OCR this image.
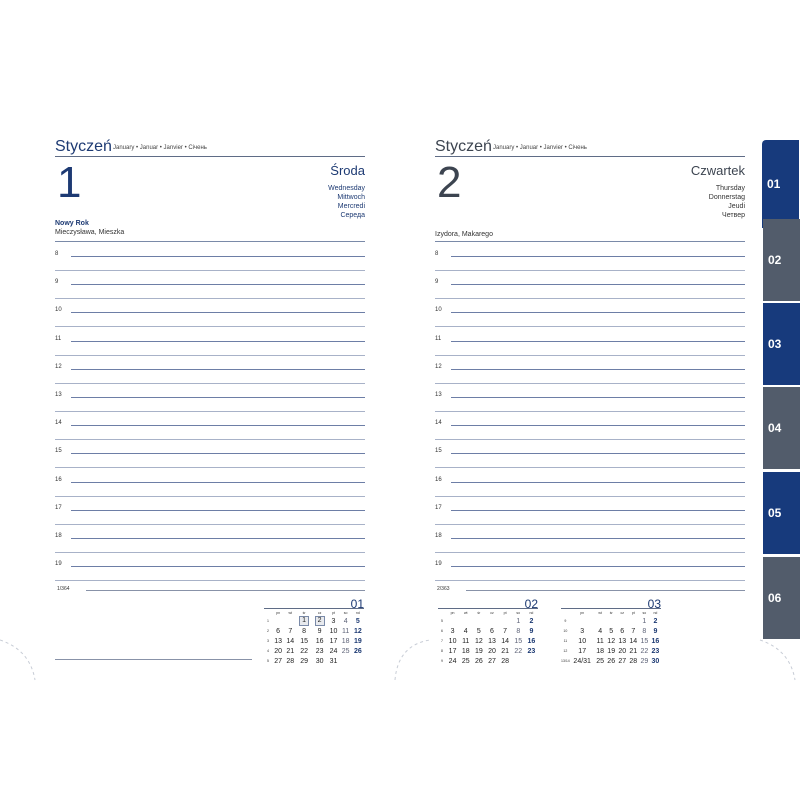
Styczeń January • Januar • Janvier • Січень
1	Środa
Wednesday
Mittwoch
Mercredi
Середа
Nowy Rok
Mieczysława, Mieszka
8
9
10
11
12
13
14
15
16
17
18
19
Styczeń January • Januar • Janvier • Січень
2	Czwartek
Thursday
Donnerstag
Jeudi
Четвер
Izydora, Makarego
8
9
10
11
12
13
14
15
16
17
18
19
1/364	2/363
01
	pn	wt	śr	cz	pt	so	nd
1			1	2	3	4	5
2	6	7	8	9	10	11	12
3	13	14	15	16	17	18	19
4	20	21	22	23	24	25	26
5	27	28	29	30	31		
02
	pn	wt	śr	cz	pt	so	nd
5						1	2
6	3	4	5	6	7	8	9
7	10	11	12	13	14	15	16
8	17	18	19	20	21	22	23
9	24	25	26	27	28		
03
	pn	wt	śr	cz	pt	so	nd
9						1	2
10	3	4	5	6	7	8	9
11	10	11	12	13	14	15	16
12	17	18	19	20	21	22	23
13/14	24/31	25	26	27	28	29	30
01
02
03
04
05
06
